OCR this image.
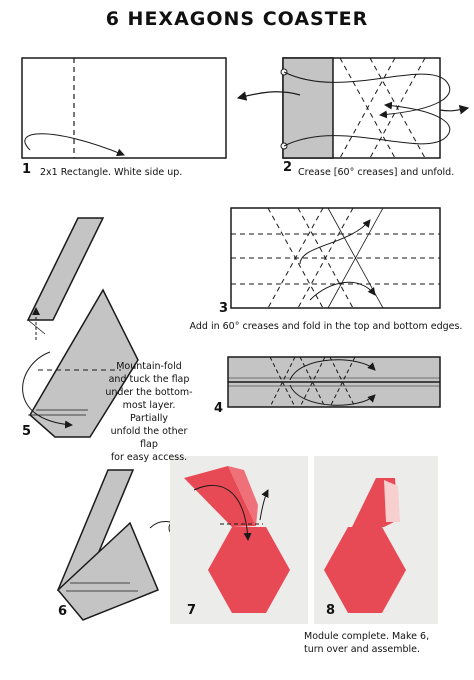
6 HEXAGONS COASTER
1	2
3
4
5
6	7	8
2x1 Rectangle. White side up.	Crease [60° creases] and unfold.
Add in 60° creases and fold in the top and bottom edges.
Mountain-fold
and tuck the flap
under the bottom-
most layer. Partially
unfold the other flap
for easy access.
Module complete. Make 6,
turn over and assemble.
